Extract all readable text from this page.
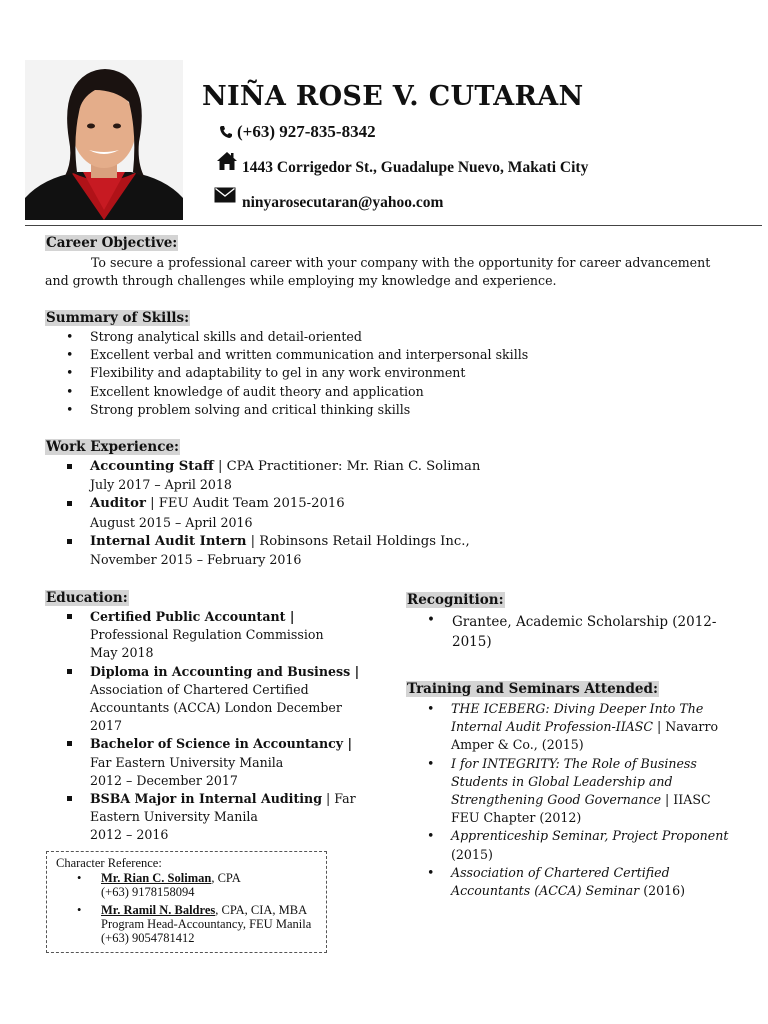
NIÑA ROSE V. CUTARAN
(+63) 927-835-8342
1443 Corrigedor St., Guadalupe Nuevo, Makati City
ninyarosecutaran@yahoo.com
Career Objective:
To secure a professional career with your company with the opportunity for career advancement
and growth through challenges while employing my knowledge and experience.
Summary of Skills:
• Strong analytical skills and detail-oriented
• Excellent verbal and written communication and interpersonal skills
• Flexibility and adaptability to gel in any work environment
• Excellent knowledge of audit theory and application
• Strong problem solving and critical thinking skills
Work Experience:
Accounting Staff | CPA Practitioner: Mr. Rian C. Soliman
July 2017 – April 2018
Auditor | FEU Audit Team 2015-2016
August 2015 – April 2016
Internal Audit Intern | Robinsons Retail Holdings Inc.,
November 2015 – February 2016
Education:
Certified Public Accountant |
Professional Regulation Commission
May 2018
Diploma in Accounting and Business |
Association of Chartered Certified
Accountants (ACCA) London December
2017
Bachelor of Science in Accountancy |
Far Eastern University Manila
2012 – December 2017
BSBA Major in Internal Auditing | Far
Eastern University Manila
2012 – 2016
Character Reference:
• Mr. Rian C. Soliman, CPA
(+63) 9178158094
• Mr. Ramil N. Baldres, CPA, CIA, MBA
Program Head-Accountancy, FEU Manila
(+63) 9054781412
Recognition:
• Grantee, Academic Scholarship (2012-
2015)
Training and Seminars Attended:
• THE ICEBERG: Diving Deeper Into The
Internal Audit Profession-IIASC | Navarro
Amper & Co., (2015)
• I for INTEGRITY: The Role of Business
Students in Global Leadership and
Strengthening Good Governance | IIASC
FEU Chapter (2012)
• Apprenticeship Seminar, Project Proponent
(2015)
• Association of Chartered Certified
Accountants (ACCA) Seminar (2016)
